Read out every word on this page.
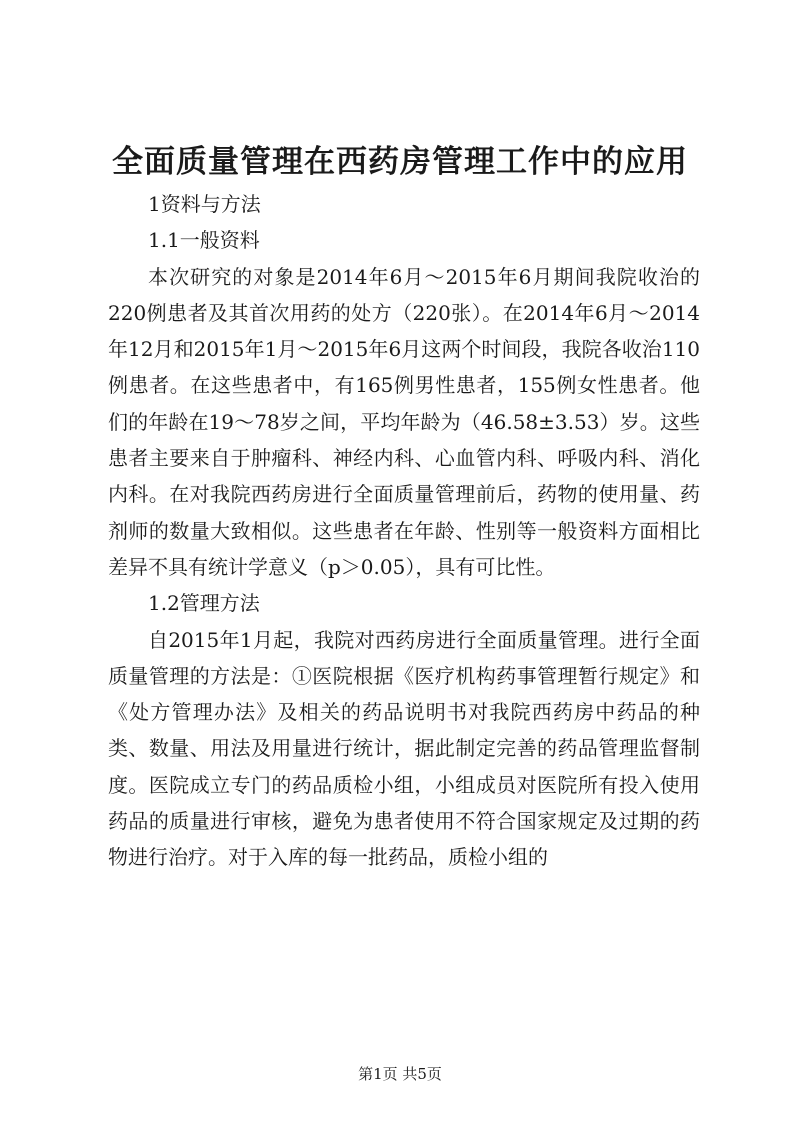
全面质量管理在西药房管理工作中的应用

1资料与方法

1.1一般资料

本次研究的对象是2014年6月～2015年6月期间我院收治的220例患者及其首次用药的处方（220张）。在2014年6月～2014年12月和2015年1月～2015年6月这两个时间段，我院各收治110例患者。在这些患者中，有165例男性患者，155例女性患者。他们的年龄在19～78岁之间，平均年龄为（46.58±3.53）岁。这些患者主要来自于肿瘤科、神经内科、心血管内科、呼吸内科、消化内科。在对我院西药房进行全面质量管理前后，药物的使用量、药剂师的数量大致相似。这些患者在年龄、性别等一般资料方面相比差异不具有统计学意义（p＞0.05），具有可比性。

1.2管理方法

自2015年1月起，我院对西药房进行全面质量管理。进行全面质量管理的方法是：①医院根据《医疗机构药事管理暂行规定》和《处方管理办法》及相关的药品说明书对我院西药房中药品的种类、数量、用法及用量进行统计，据此制定完善的药品管理监督制度。医院成立专门的药品质检小组，小组成员对医院所有投入使用药品的质量进行审核，避免为患者使用不符合国家规定及过期的药物进行治疗。对于入库的每一批药品，质检小组的

第1页 共5页
